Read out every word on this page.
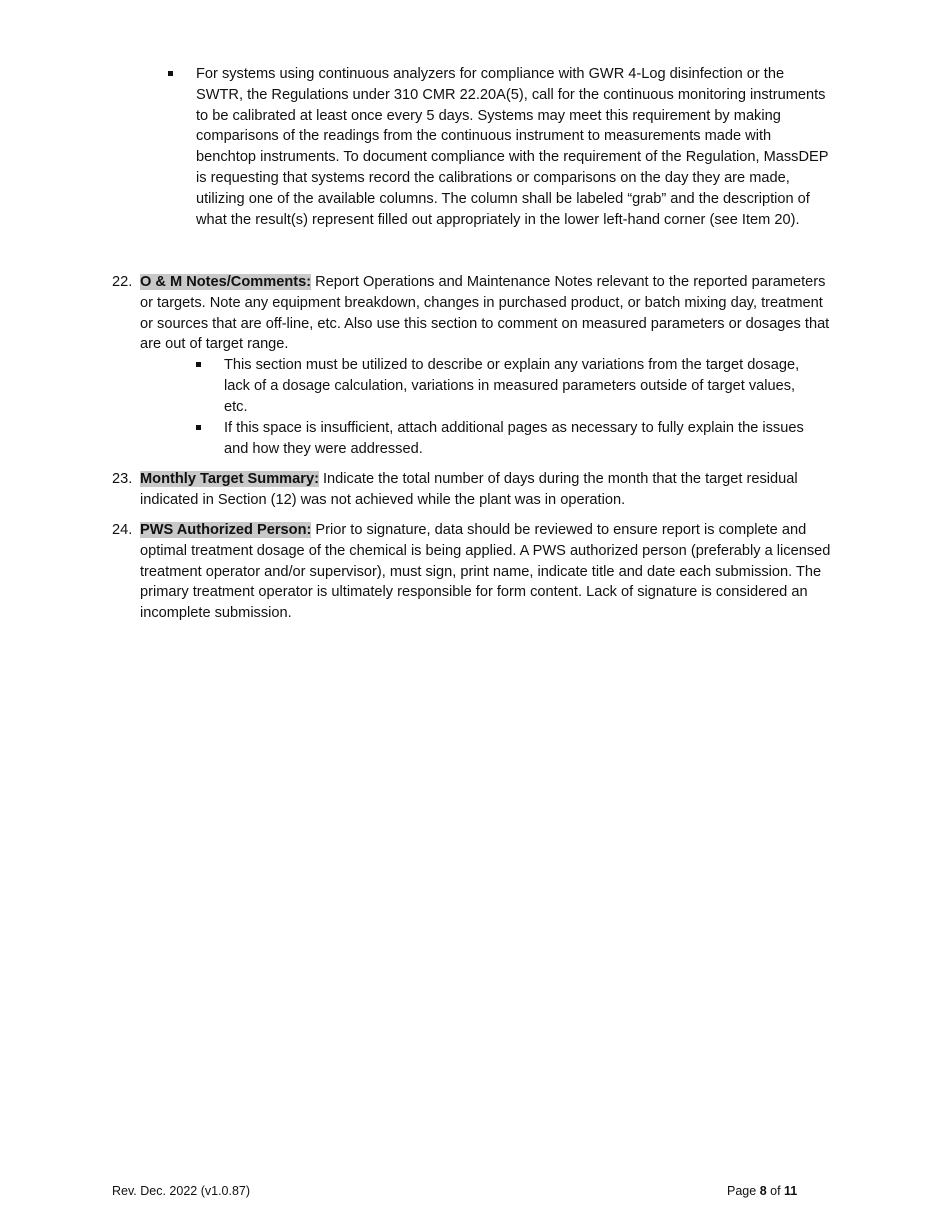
For systems using continuous analyzers for compliance with GWR 4-Log disinfection or the SWTR, the Regulations under 310 CMR 22.20A(5), call for the continuous monitoring instruments to be calibrated at least once every 5 days. Systems may meet this requirement by making comparisons of the readings from the continuous instrument to measurements made with benchtop instruments. To document compliance with the requirement of the Regulation, MassDEP is requesting that systems record the calibrations or comparisons on the day they are made, utilizing one of the available columns. The column shall be labeled “grab” and the description of what the result(s) represent filled out appropriately in the lower left-hand corner (see Item 20).
22. O & M Notes/Comments: Report Operations and Maintenance Notes relevant to the reported parameters or targets. Note any equipment breakdown, changes in purchased product, or batch mixing day, treatment or sources that are off-line, etc. Also use this section to comment on measured parameters or dosages that are out of target range.
This section must be utilized to describe or explain any variations from the target dosage, lack of a dosage calculation, variations in measured parameters outside of target values, etc.
If this space is insufficient, attach additional pages as necessary to fully explain the issues and how they were addressed.
23. Monthly Target Summary: Indicate the total number of days during the month that the target residual indicated in Section (12) was not achieved while the plant was in operation.
24. PWS Authorized Person: Prior to signature, data should be reviewed to ensure report is complete and optimal treatment dosage of the chemical is being applied. A PWS authorized person (preferably a licensed treatment operator and/or supervisor), must sign, print name, indicate title and date each submission. The primary treatment operator is ultimately responsible for form content. Lack of signature is considered an incomplete submission.
Rev. Dec. 2022 (v1.0.87)	Page 8 of 11
